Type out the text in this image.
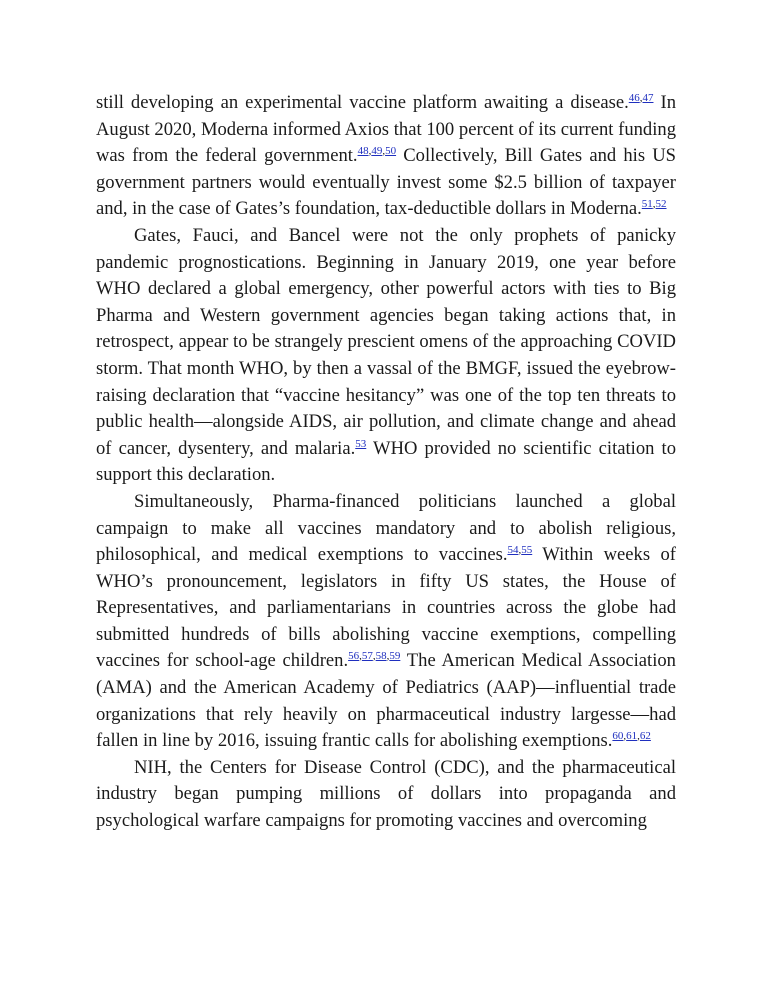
still developing an experimental vaccine platform awaiting a disease.$^{46,47}$ In August 2020, Moderna informed Axios that 100 percent of its current funding was from the federal government.$^{48,49,50}$ Collectively, Bill Gates and his US government partners would eventually invest some $2.5 billion of taxpayer and, in the case of Gates’s foundation, tax-deductible dollars in Moderna.$^{51,52}$

Gates, Fauci, and Bancel were not the only prophets of panicky pandemic prognostications. Beginning in January 2019, one year before WHO declared a global emergency, other powerful actors with ties to Big Pharma and Western government agencies began taking actions that, in retrospect, appear to be strangely prescient omens of the approaching COVID storm. That month WHO, by then a vassal of the BMGF, issued the eyebrow-raising declaration that “vaccine hesitancy” was one of the top ten threats to public health—alongside AIDS, air pollution, and climate change and ahead of cancer, dysentery, and malaria.$^{53}$ WHO provided no scientific citation to support this declaration.

Simultaneously, Pharma-financed politicians launched a global campaign to make all vaccines mandatory and to abolish religious, philosophical, and medical exemptions to vaccines.$^{54,55}$ Within weeks of WHO’s pronouncement, legislators in fifty US states, the House of Representatives, and parliamentarians in countries across the globe had submitted hundreds of bills abolishing vaccine exemptions, compelling vaccines for school-age children.$^{56,57,58,59}$ The American Medical Association (AMA) and the American Academy of Pediatrics (AAP)—influential trade organizations that rely heavily on pharmaceutical industry largesse—had fallen in line by 2016, issuing frantic calls for abolishing exemptions.$^{60,61,62}$

NIH, the Centers for Disease Control (CDC), and the pharmaceutical industry began pumping millions of dollars into propaganda and psychological warfare campaigns for promoting vaccines and overcoming
